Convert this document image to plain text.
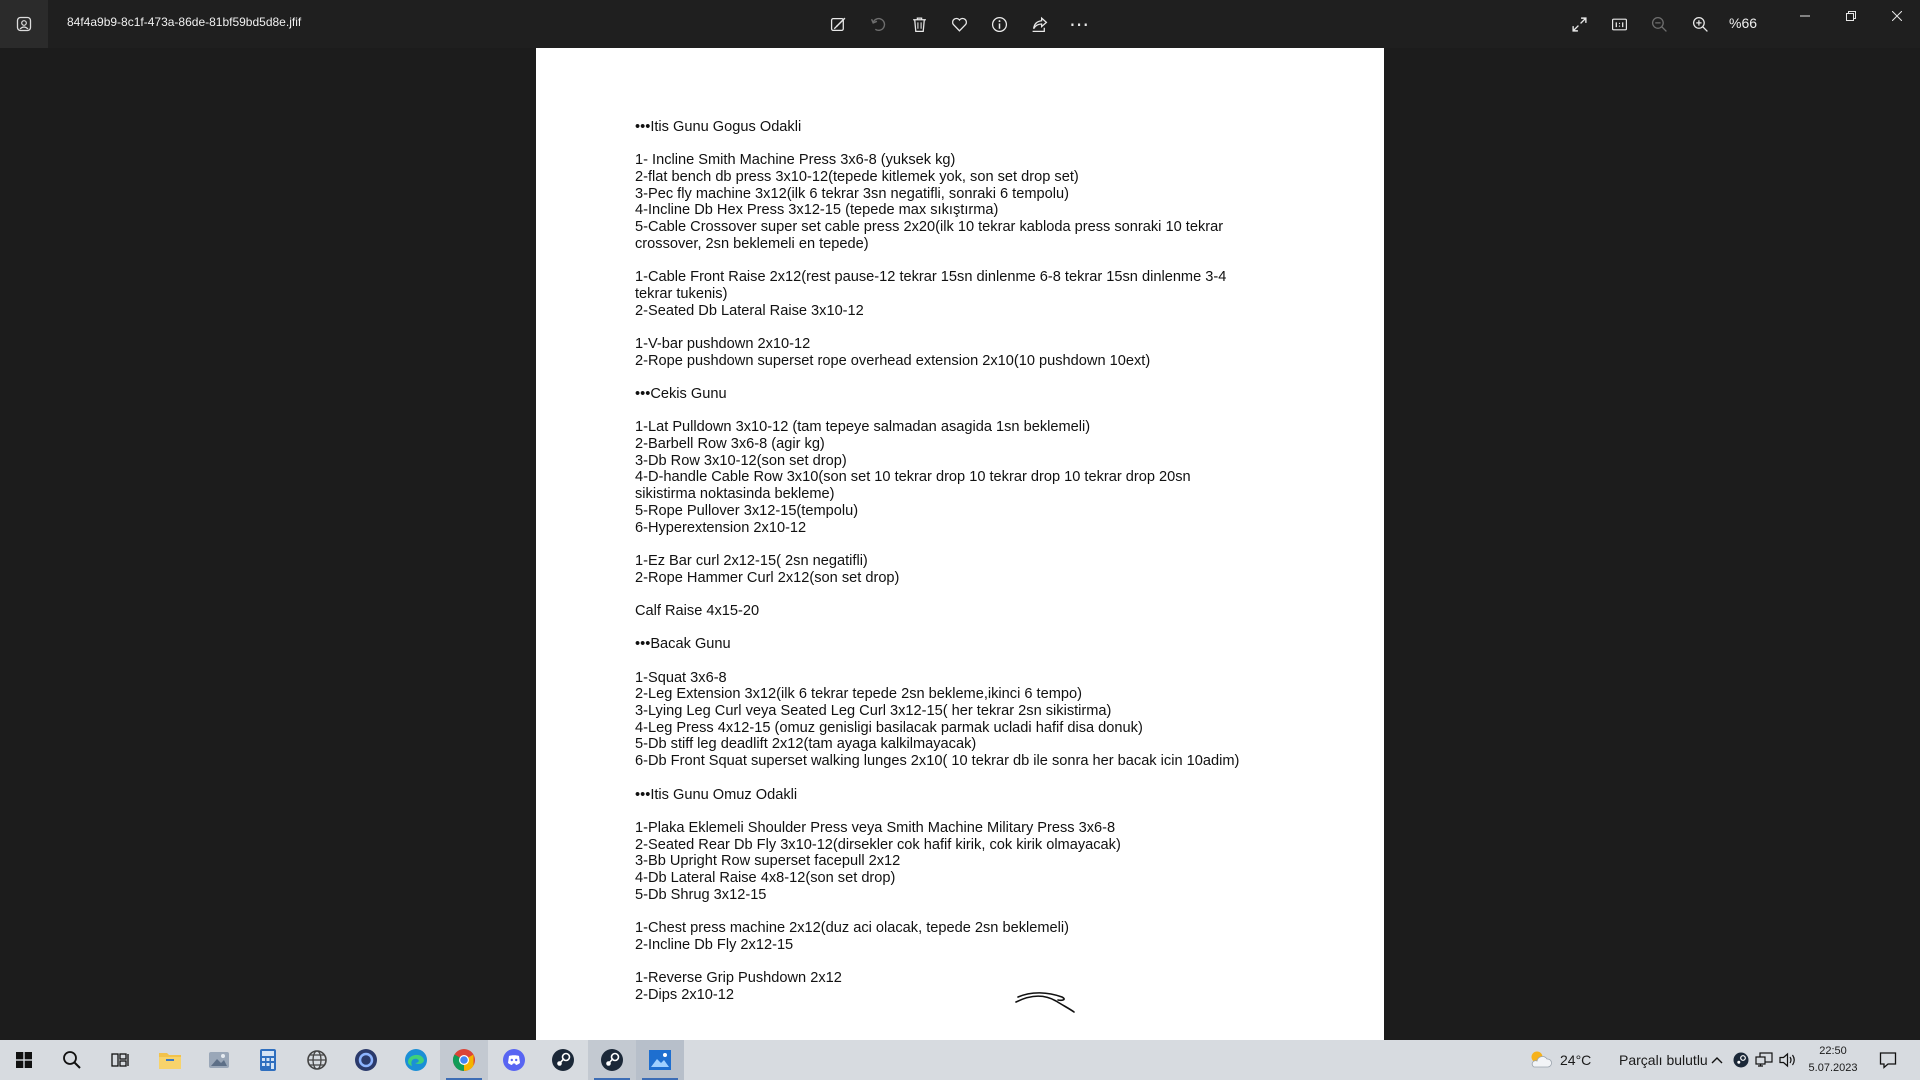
84f4a9b9-8c1f-473a-86de-81bf59bd5d8e.jfif	⋯	%66
•••Itis Gunu Gogus Odakli
1- Incline Smith Machine Press 3x6-8 (yuksek kg)
2-flat bench db press 3x10-12(tepede kitlemek yok, son set drop set)
3-Pec fly machine 3x12(ilk 6 tekrar 3sn negatifli, sonraki 6 tempolu)
4-Incline Db Hex Press 3x12-15 (tepede max sıkıştırma)
5-Cable Crossover super set cable press 2x20(ilk 10 tekrar kabloda press sonraki 10 tekrar
crossover, 2sn beklemeli en tepede)
1-Cable Front Raise 2x12(rest pause-12 tekrar 15sn dinlenme 6-8 tekrar 15sn dinlenme 3-4
tekrar tukenis)
2-Seated Db Lateral Raise 3x10-12
1-V-bar pushdown 2x10-12
2-Rope pushdown superset rope overhead extension 2x10(10 pushdown 10ext)
•••Cekis Gunu
1-Lat Pulldown 3x10-12 (tam tepeye salmadan asagida 1sn beklemeli)
2-Barbell Row 3x6-8 (agir kg)
3-Db Row 3x10-12(son set drop)
4-D-handle Cable Row 3x10(son set 10 tekrar drop 10 tekrar drop 10 tekrar drop 20sn
sikistirma noktasinda bekleme)
5-Rope Pullover 3x12-15(tempolu)
6-Hyperextension 2x10-12
1-Ez Bar curl 2x12-15( 2sn negatifli)
2-Rope Hammer Curl 2x12(son set drop)
Calf Raise 4x15-20
•••Bacak Gunu
1-Squat 3x6-8
2-Leg Extension 3x12(ilk 6 tekrar tepede 2sn bekleme,ikinci 6 tempo)
3-Lying Leg Curl veya Seated Leg Curl 3x12-15( her tekrar 2sn sikistirma)
4-Leg Press 4x12-15 (omuz genisligi basilacak parmak ucladi hafif disa donuk)
5-Db stiff leg deadlift 2x12(tam ayaga kalkilmayacak)
6-Db Front Squat superset walking lunges 2x10( 10 tekrar db ile sonra her bacak icin 10adim)
•••Itis Gunu Omuz Odakli
1-Plaka Eklemeli Shoulder Press veya Smith Machine Military Press 3x6-8
2-Seated Rear Db Fly 3x10-12(dirsekler cok hafif kirik, cok kirik olmayacak)
3-Bb Upright Row superset facepull 2x12
4-Db Lateral Raise 4x8-12(son set drop)
5-Db Shrug 3x12-15
1-Chest press machine 2x12(duz aci olacak, tepede 2sn beklemeli)
2-Incline Db Fly 2x12-15
1-Reverse Grip Pushdown 2x12
2-Dips 2x10-12
24°C Parçalı bulutlu
22:50
5.07.2023
